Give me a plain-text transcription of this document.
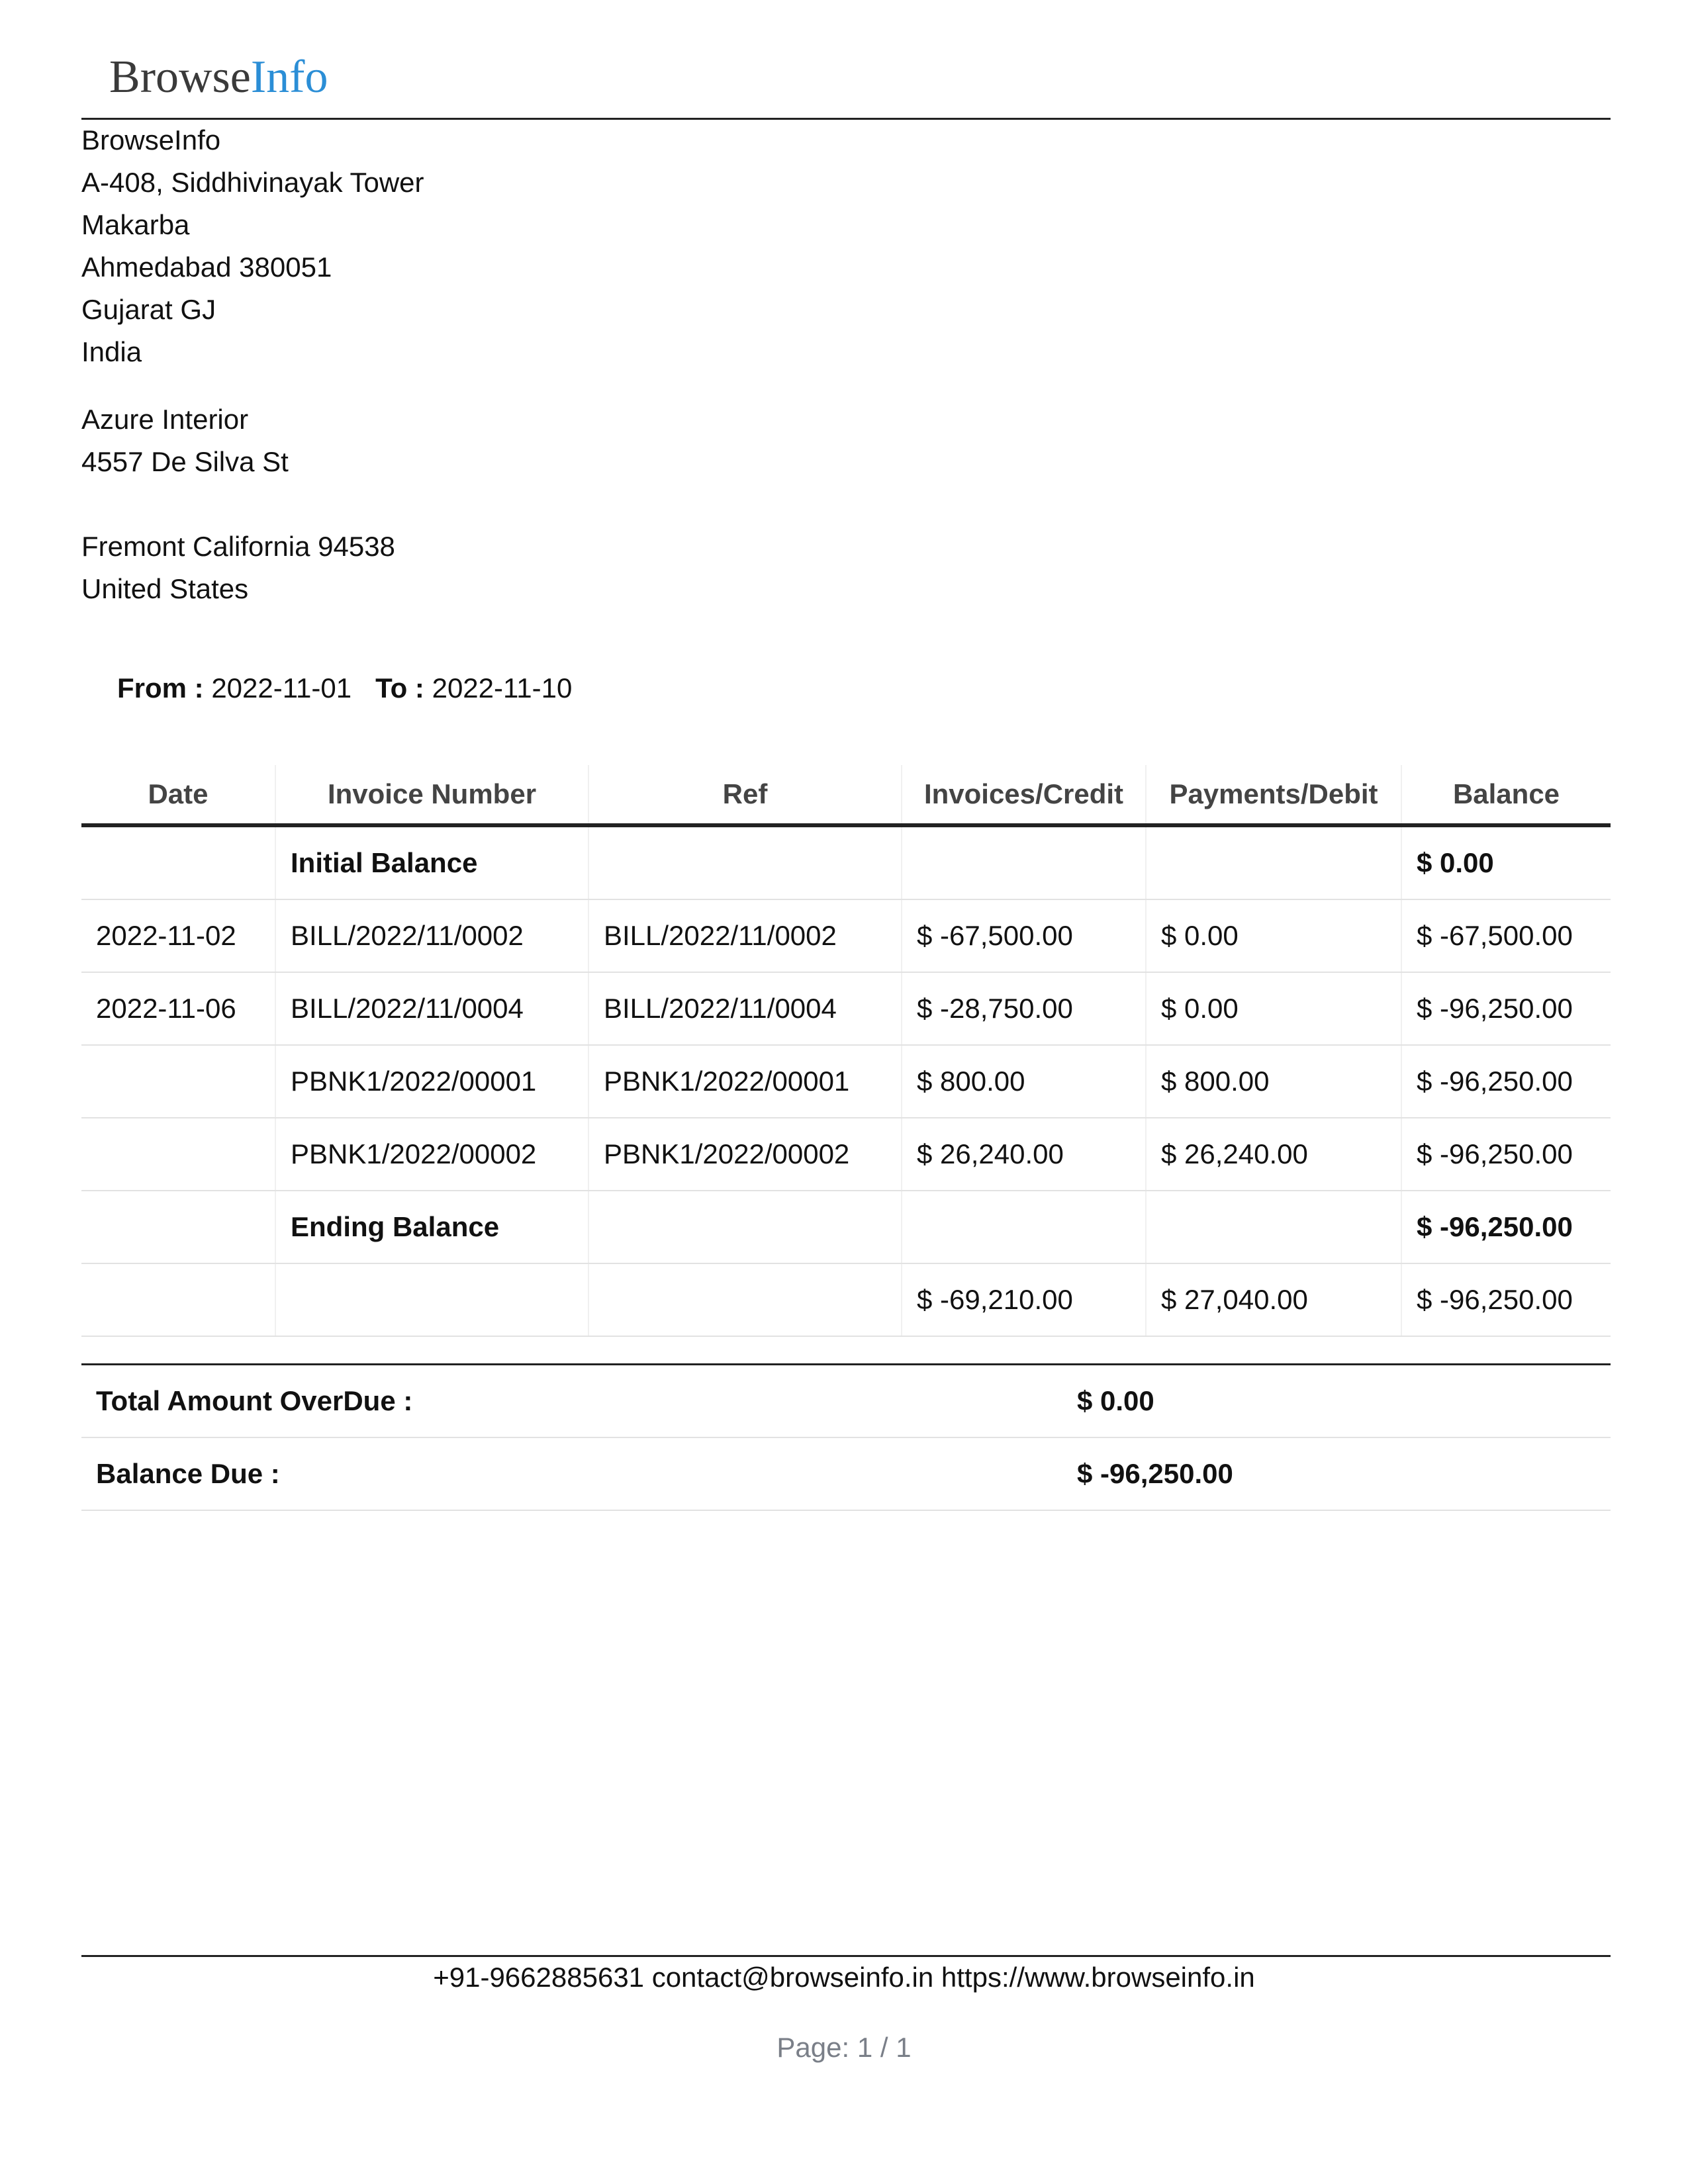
BrowseInfo
BrowseInfo
A-408, Siddhivinayak Tower
Makarba
Ahmedabad 380051
Gujarat GJ
India
Azure Interior
4557 De Silva St
Fremont California 94538
United States
From : 2022-11-01 To : 2022-11-10
Date	Invoice Number	Ref	Invoices/Credit	Payments/Debit	Balance
	Initial Balance				$ 0.00
2022-11-02	BILL/2022/11/0002	BILL/2022/11/0002	$ -67,500.00	$ 0.00	$ -67,500.00
2022-11-06	BILL/2022/11/0004	BILL/2022/11/0004	$ -28,750.00	$ 0.00	$ -96,250.00
	PBNK1/2022/00001	PBNK1/2022/00001	$ 800.00	$ 800.00	$ -96,250.00
	PBNK1/2022/00002	PBNK1/2022/00002	$ 26,240.00	$ 26,240.00	$ -96,250.00
	Ending Balance				$ -96,250.00
			$ -69,210.00	$ 27,040.00	$ -96,250.00
Total Amount OverDue :	$ 0.00
Balance Due :	$ -96,250.00
+91-9662885631 contact@browseinfo.in https://www.browseinfo.in
Page: 1 / 1
